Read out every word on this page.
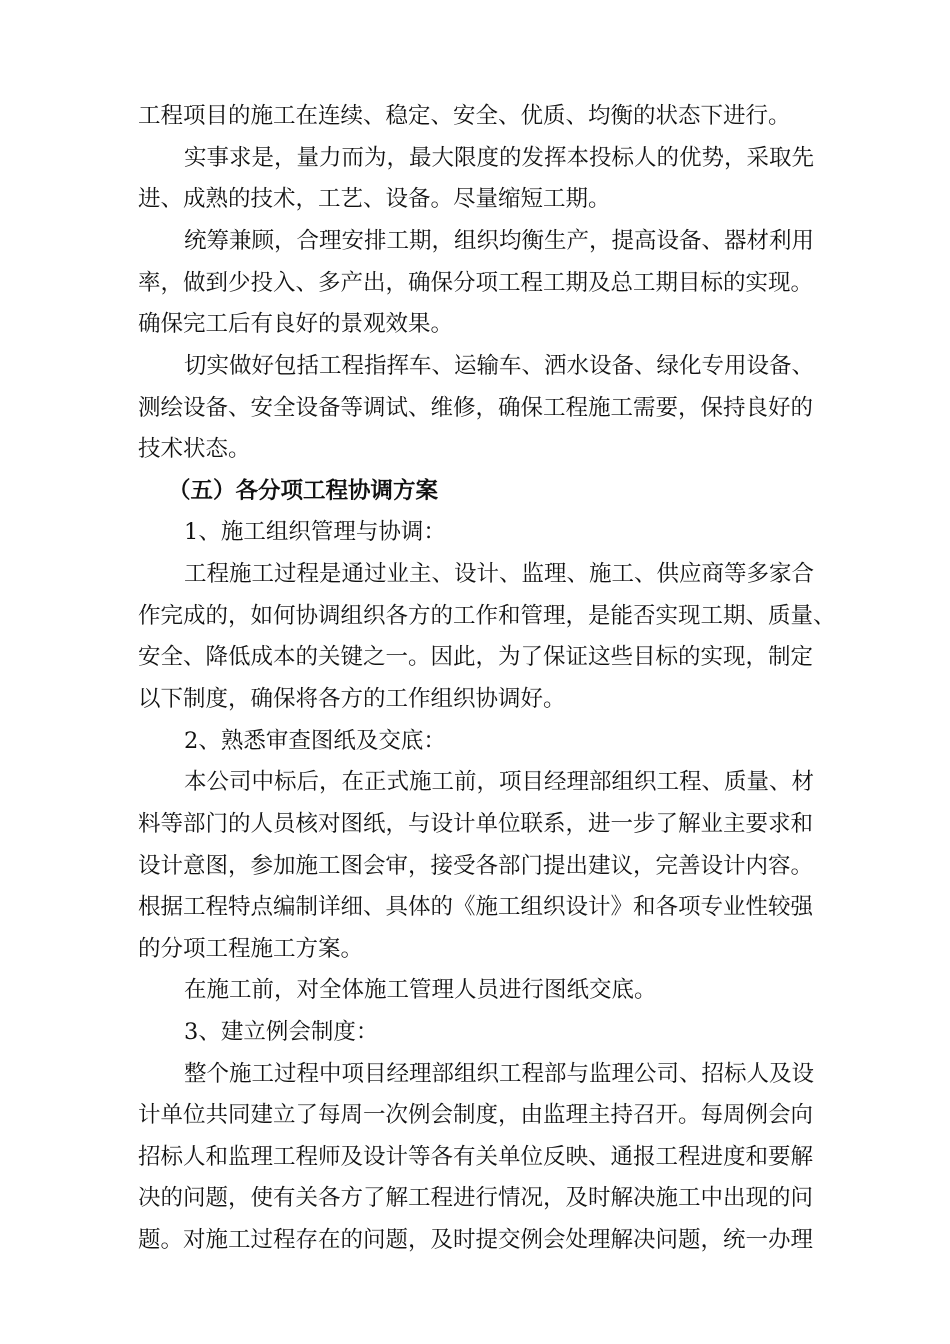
工程项目的施工在连续、稳定、安全、优质、均衡的状态下进行。
实事求是，量力而为，最大限度的发挥本投标人的优势，采取先
进、成熟的技术，工艺、设备。尽量缩短工期。
统筹兼顾，合理安排工期，组织均衡生产，提高设备、器材利用
率，做到少投入、多产出，确保分项工程工期及总工期目标的实现。
确保完工后有良好的景观效果。
切实做好包括工程指挥车、运输车、洒水设备、绿化专用设备、
测绘设备、安全设备等调试、维修，确保工程施工需要，保持良好的
技术状态。
（五）各分项工程协调方案
1、施工组织管理与协调：
工程施工过程是通过业主、设计、监理、施工、供应商等多家合
作完成的，如何协调组织各方的工作和管理，是能否实现工期、质量、
安全、降低成本的关键之一。因此，为了保证这些目标的实现，制定
以下制度，确保将各方的工作组织协调好。
2、熟悉审查图纸及交底：
本公司中标后，在正式施工前，项目经理部组织工程、质量、材
料等部门的人员核对图纸，与设计单位联系，进一步了解业主要求和
设计意图，参加施工图会审，接受各部门提出建议，完善设计内容。
根据工程特点编制详细、具体的《施工组织设计》和各项专业性较强
的分项工程施工方案。
在施工前，对全体施工管理人员进行图纸交底。
3、建立例会制度：
整个施工过程中项目经理部组织工程部与监理公司、招标人及设
计单位共同建立了每周一次例会制度，由监理主持召开。每周例会向
招标人和监理工程师及设计等各有关单位反映、通报工程进度和要解
决的问题，使有关各方了解工程进行情况，及时解决施工中出现的问
题。对施工过程存在的问题，及时提交例会处理解决问题，统一办理
